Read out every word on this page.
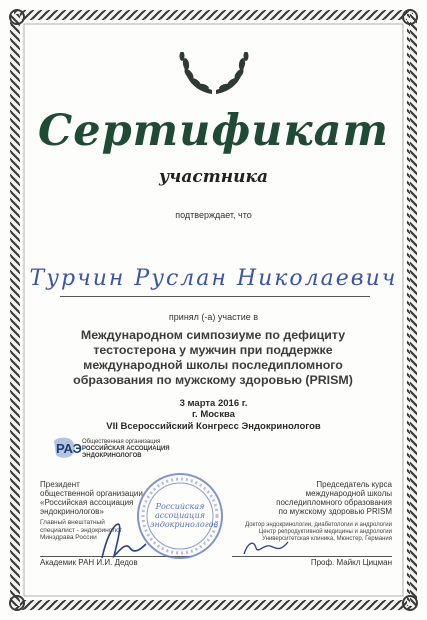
Сертификат
участника
подтверждает, что
Турчин Руслан Николаевич
принял (-а) участие в
Международном симпозиуме по дефициту тестостерона у мужчин при поддержке международной школы последипломного образования по мужскому здоровью (PRISM)
3 марта 2016 г.
г. Москва
VII Всероссийский Конгресс Эндокринологов
РАЭ Общественная организация
РОССИЙСКАЯ АССОЦИАЦИЯ
ЭНДОКРИНОЛОГОВ
Президент
общественной организации
«Российская ассоциация
эндокринологов»
Главный внештатный
специалист - эндокринолог
Минздрава России
Академик РАН И.И. Дедов
Российская
ассоциация
эндокринологов
Председатель курса
международной школы
последипломного образования
по мужскому здоровью PRISM
Доктор эндокринологии, диабетологии и андрологии
Центр репродуктивной медицины и андрологии
Университетская клиника, Мюнстер, Германия
Проф. Майкл Цицман
